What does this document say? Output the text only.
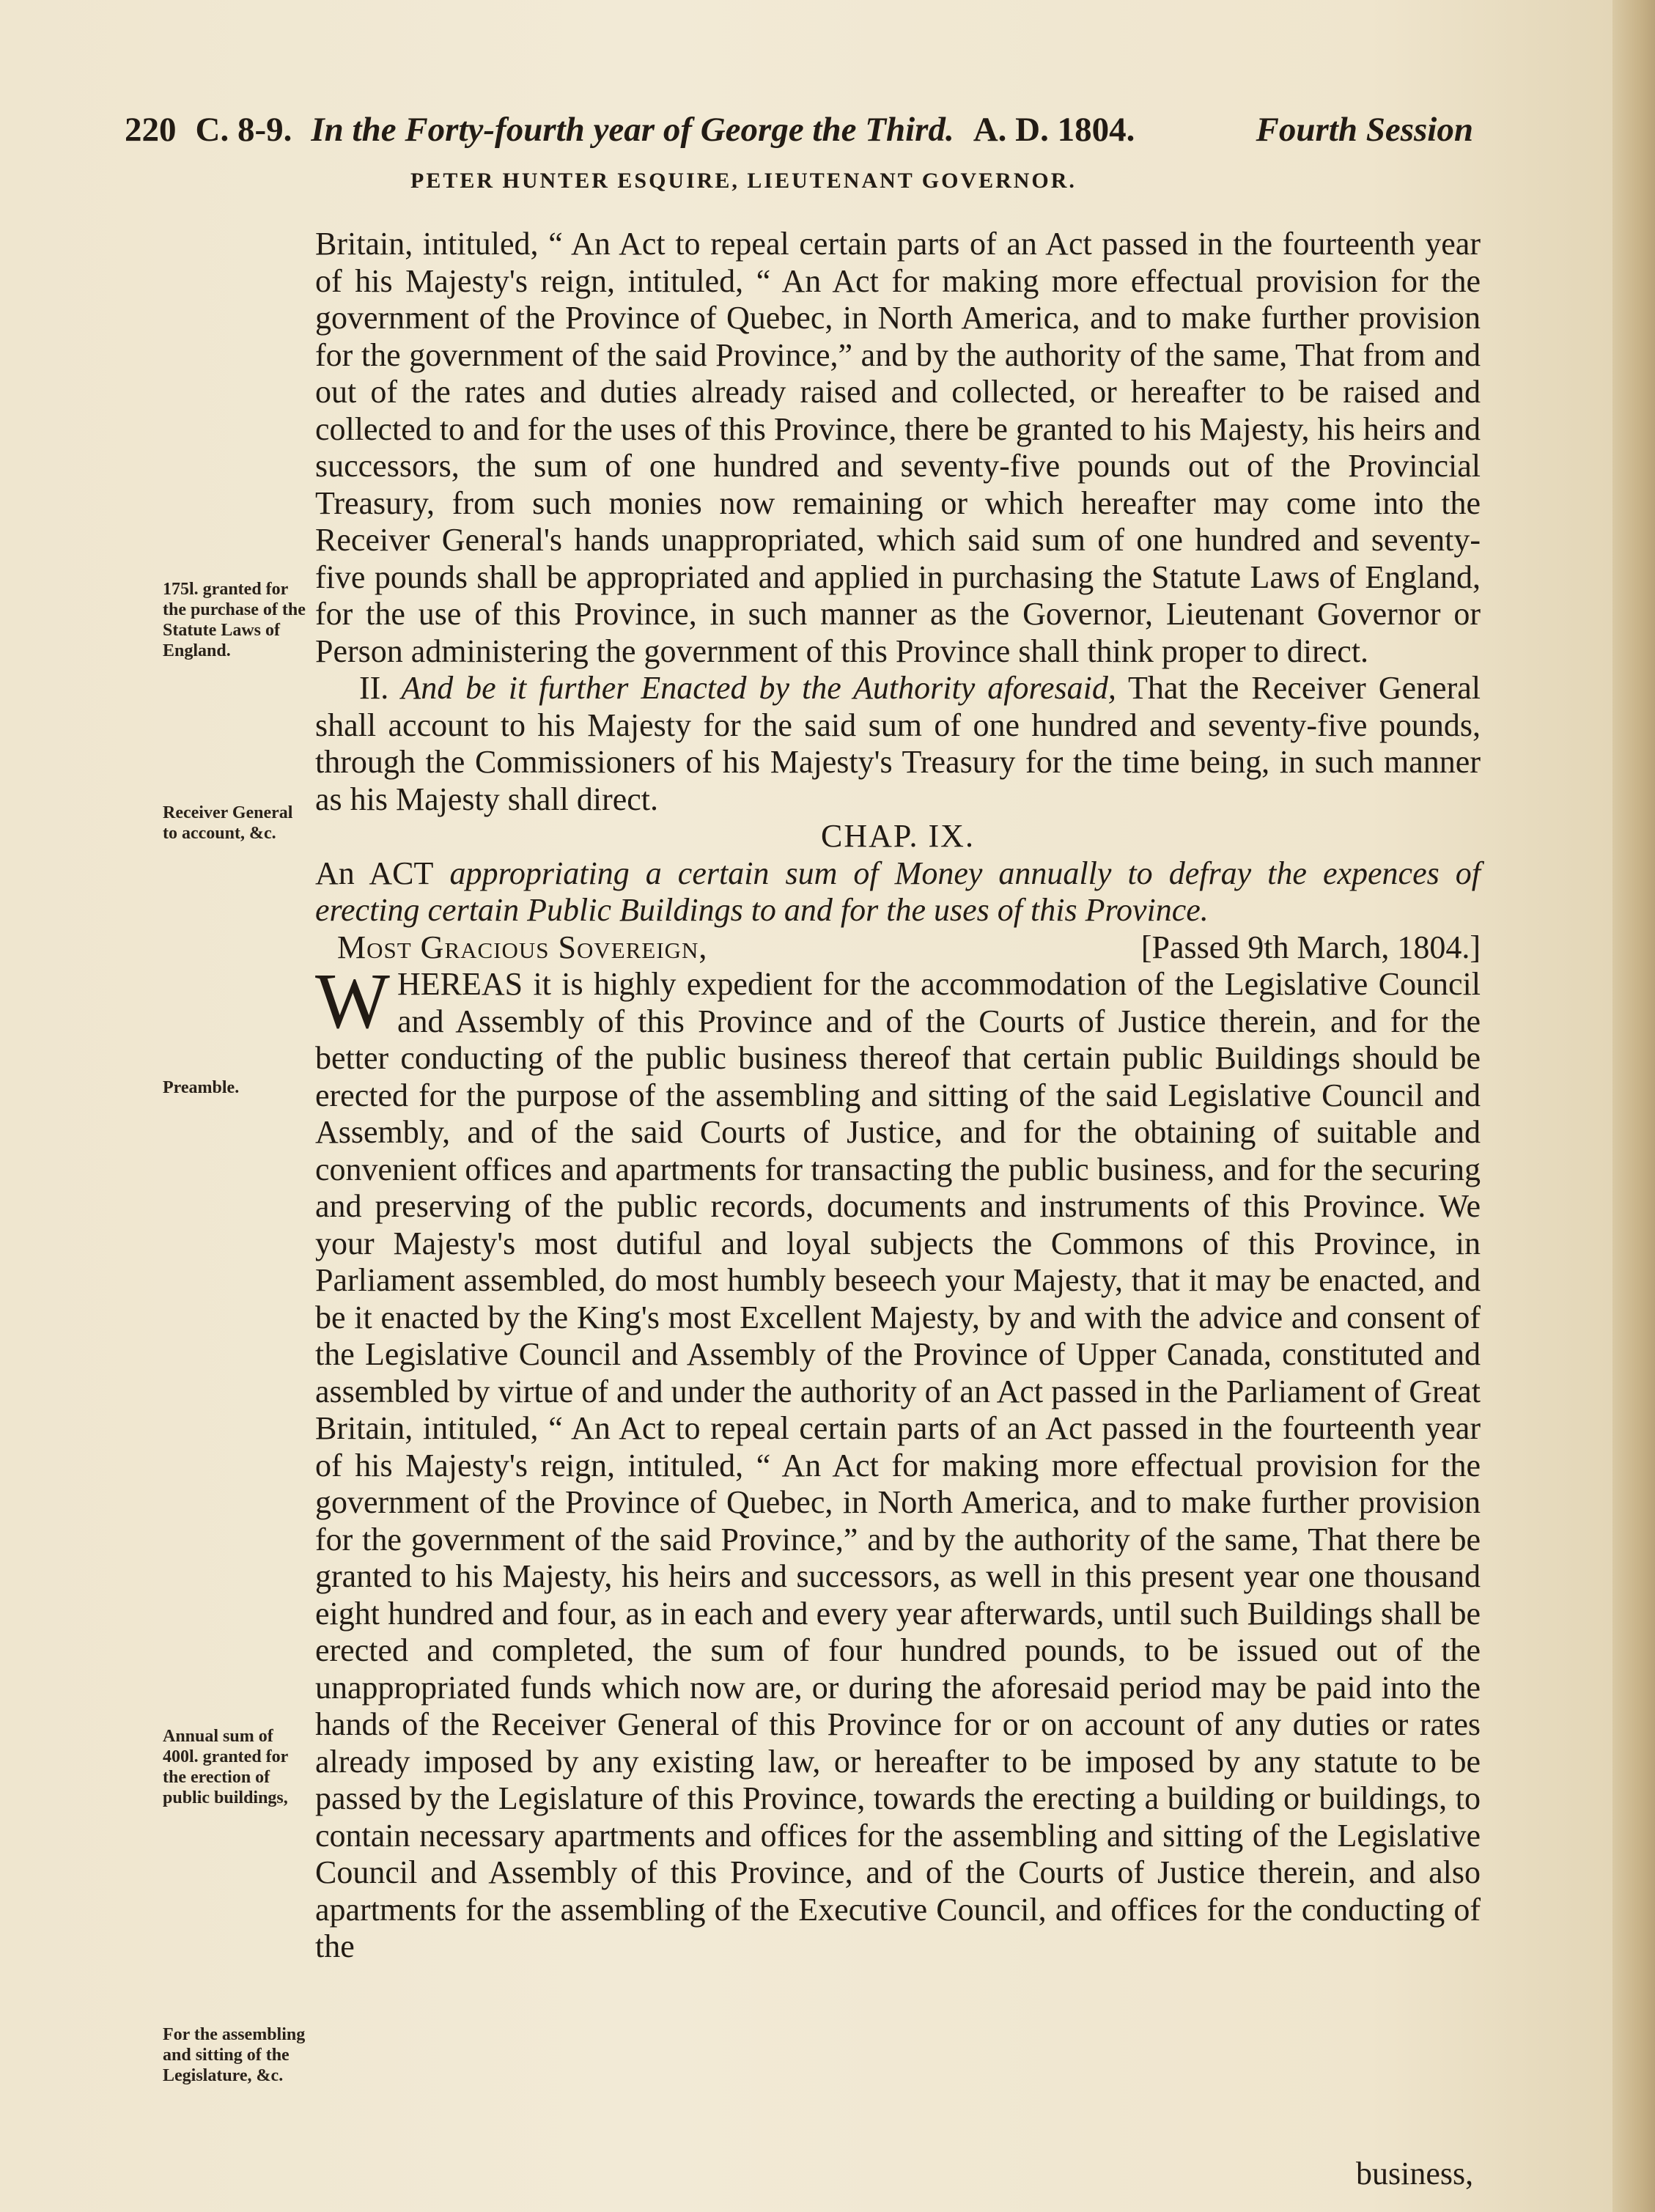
220 C. 8-9. In the Forty-fourth year of George the Third. A. D. 1804.	Fourth Session
PETER HUNTER ESQUIRE, LIEUTENANT GOVERNOR.

Britain, intituled, “ An Act to repeal certain parts of an Act passed in the fourteenth year of his Majesty's reign, intituled, “ An Act for making more effectual provision for the government of the Province of Quebec, in North America, and to make further provision for the government of the said Province,” and by the authority of the same, That from and out of the rates and duties already raised and collected, or hereafter to be raised and collected to and for the uses of this Province, there be granted to his Majesty, his heirs and successors, the sum of one hundred and seventy-five pounds out of the Provincial Treasury, from such monies now remaining or which hereafter may come into the Receiver General's hands unappropriated, which said sum of one hundred and seventy-five pounds shall be appropriated and applied in purchasing the Statute Laws of England, for the use of this Province, in such manner as the Governor, Lieutenant Governor or Person administering the government of this Province shall think proper to direct.

II. And be it further Enacted by the Authority aforesaid, That the Receiver General shall account to his Majesty for the said sum of one hundred and seventy-five pounds, through the Commissioners of his Majesty's Treasury for the time being, in such manner as his Majesty shall direct.

CHAP. IX.

An ACT appropriating a certain sum of Money annually to defray the expences of erecting certain Public Buildings to and for the uses of this Province.

Most Gracious Sovereign,	[Passed 9th March, 1804.]

WHEREAS it is highly expedient for the accommodation of the Legislative Council and Assembly of this Province and of the Courts of Justice therein, and for the better conducting of the public business thereof that certain public Buildings should be erected for the purpose of the assembling and sitting of the said Legislative Council and Assembly, and of the said Courts of Justice, and for the obtaining of suitable and convenient offices and apartments for transacting the public business, and for the securing and preserving of the public records, documents and instruments of this Province. We your Majesty's most dutiful and loyal subjects the Commons of this Province, in Parliament assembled, do most humbly beseech your Majesty, that it may be enacted, and be it enacted by the King's most Excellent Majesty, by and with the advice and consent of the Legislative Council and Assembly of the Province of Upper Canada, constituted and assembled by virtue of and under the authority of an Act passed in the Parliament of Great Britain, intituled, “ An Act to repeal certain parts of an Act passed in the fourteenth year of his Majesty's reign, intituled, “ An Act for making more effectual provision for the government of the Province of Quebec, in North America, and to make further provision for the government of the said Province,” and by the authority of the same, That there be granted to his Majesty, his heirs and successors, as well in this present year one thousand eight hundred and four, as in each and every year afterwards, until such Buildings shall be erected and completed, the sum of four hundred pounds, to be issued out of the unappropriated funds which now are, or during the aforesaid period may be paid into the hands of the Receiver General of this Province for or on account of any duties or rates already imposed by any existing law, or hereafter to be imposed by any statute to be passed by the Legislature of this Province, towards the erecting a building or buildings, to contain necessary apartments and offices for the assembling and sitting of the Legislative Council and Assembly of this Province, and of the Courts of Justice therein, and also apartments for the assembling of the Executive Council, and offices for the conducting of the

175l. granted for the purchase of the Statute Laws of England.
Receiver General to account, &c.
Preamble.
Annual sum of 400l. granted for the erection of public buildings,
For the assembling and sitting of the Legislature, &c.
business,
